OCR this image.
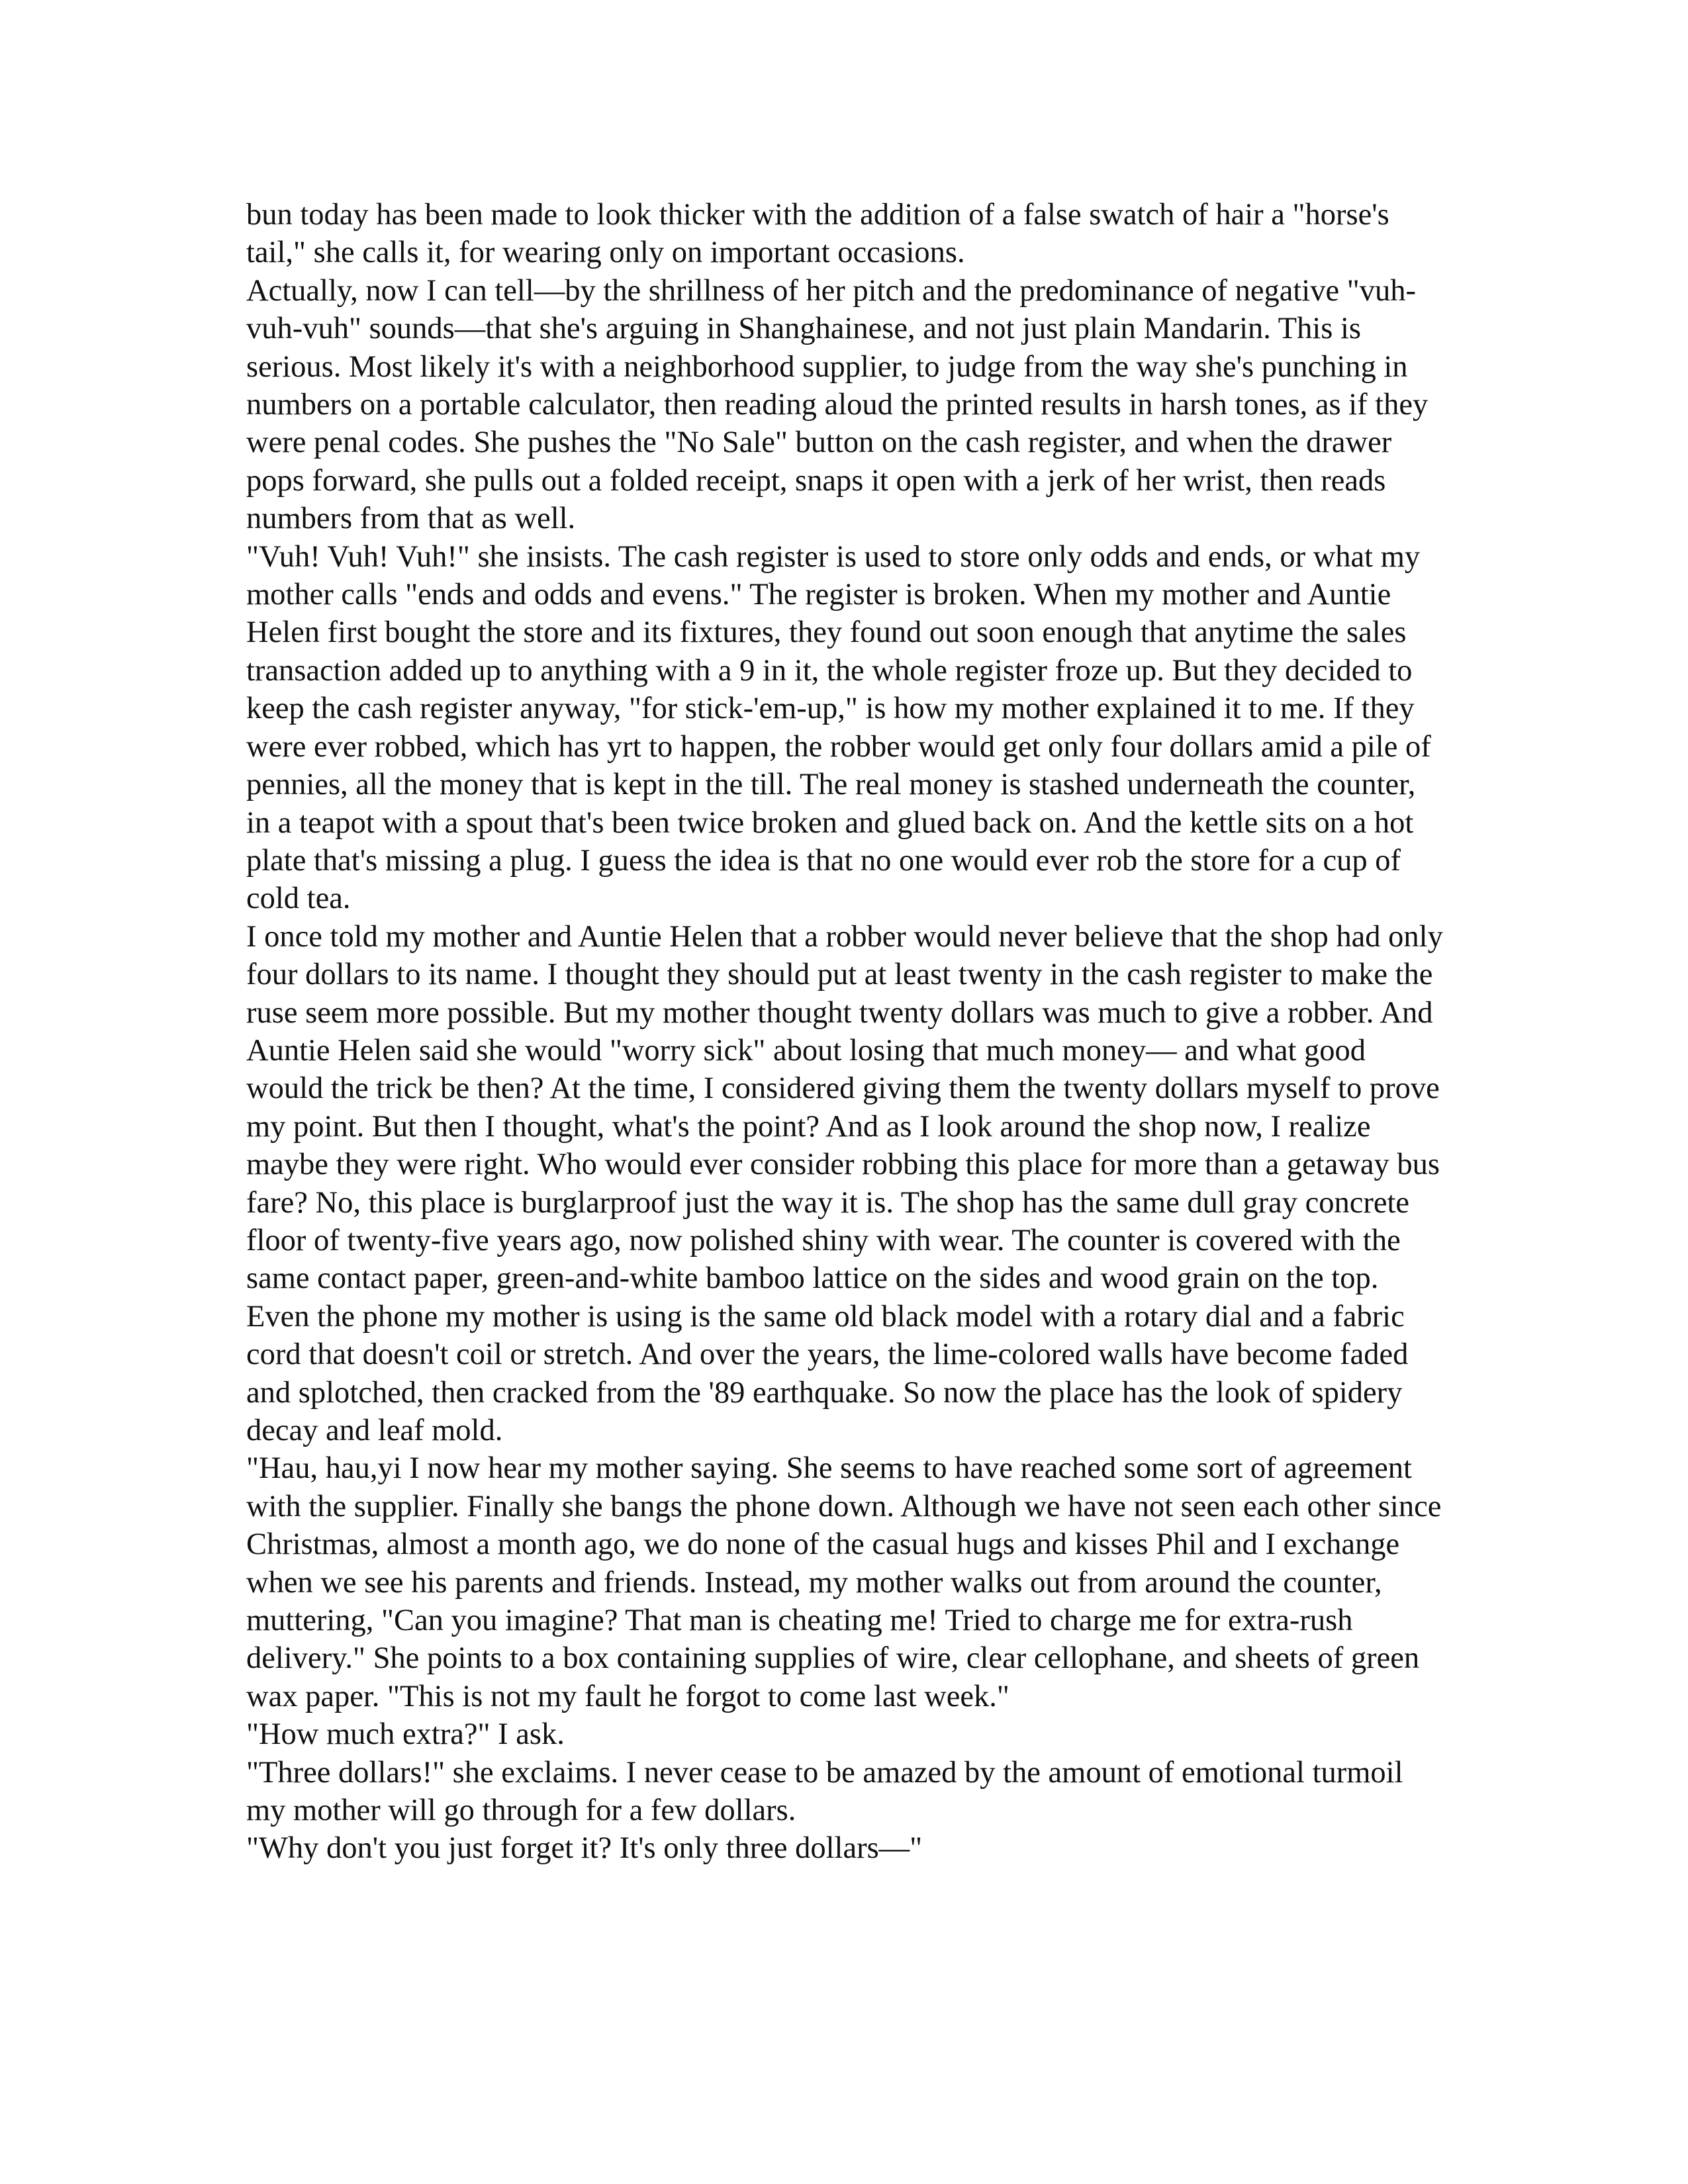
bun today has been made to look thicker with the addition of a false swatch of hair a "horse's tail," she calls it, for wearing only on important occasions.

Actually, now I can tell—by the shrillness of her pitch and the predominance of negative "vuh-vuh-vuh" sounds—that she's arguing in Shanghainese, and not just plain Mandarin. This is serious. Most likely it's with a neighborhood supplier, to judge from the way she's punching in numbers on a portable calculator, then reading aloud the printed results in harsh tones, as if they were penal codes. She pushes the "No Sale" button on the cash register, and when the drawer pops forward, she pulls out a folded receipt, snaps it open with a jerk of her wrist, then reads numbers from that as well.

"Vuh! Vuh! Vuh!" she insists. The cash register is used to store only odds and ends, or what my mother calls "ends and odds and evens." The register is broken. When my mother and Auntie Helen first bought the store and its fixtures, they found out soon enough that anytime the sales transaction added up to anything with a 9 in it, the whole register froze up. But they decided to keep the cash register anyway, "for stick-'em-up," is how my mother explained it to me. If they were ever robbed, which has yrt to happen, the robber would get only four dollars amid a pile of pennies, all the money that is kept in the till. The real money is stashed underneath the counter, in a teapot with a spout that's been twice broken and glued back on. And the kettle sits on a hot plate that's missing a plug. I guess the idea is that no one would ever rob the store for a cup of cold tea.

I once told my mother and Auntie Helen that a robber would never believe that the shop had only four dollars to its name. I thought they should put at least twenty in the cash register to make the ruse seem more possible. But my mother thought twenty dollars was much to give a robber. And Auntie Helen said she would "worry sick" about losing that much money— and what good would the trick be then? At the time, I considered giving them the twenty dollars myself to prove my point. But then I thought, what's the point? And as I look around the shop now, I realize maybe they were right. Who would ever consider robbing this place for more than a getaway bus fare? No, this place is burglarproof just the way it is. The shop has the same dull gray concrete floor of twenty-five years ago, now polished shiny with wear. The counter is covered with the same contact paper, green-and-white bamboo lattice on the sides and wood grain on the top. Even the phone my mother is using is the same old black model with a rotary dial and a fabric cord that doesn't coil or stretch. And over the years, the lime-colored walls have become faded and splotched, then cracked from the '89 earthquake. So now the place has the look of spidery decay and leaf mold.

"Hau, hau,yi I now hear my mother saying. She seems to have reached some sort of agreement with the supplier. Finally she bangs the phone down. Although we have not seen each other since Christmas, almost a month ago, we do none of the casual hugs and kisses Phil and I exchange when we see his parents and friends. Instead, my mother walks out from around the counter, muttering, "Can you imagine? That man is cheating me! Tried to charge me for extra-rush delivery." She points to a box containing supplies of wire, clear cellophane, and sheets of green wax paper. "This is not my fault he forgot to come last week."

"How much extra?" I ask.

"Three dollars!" she exclaims. I never cease to be amazed by the amount of emotional turmoil my mother will go through for a few dollars.

"Why don't you just forget it? It's only three dollars—"
